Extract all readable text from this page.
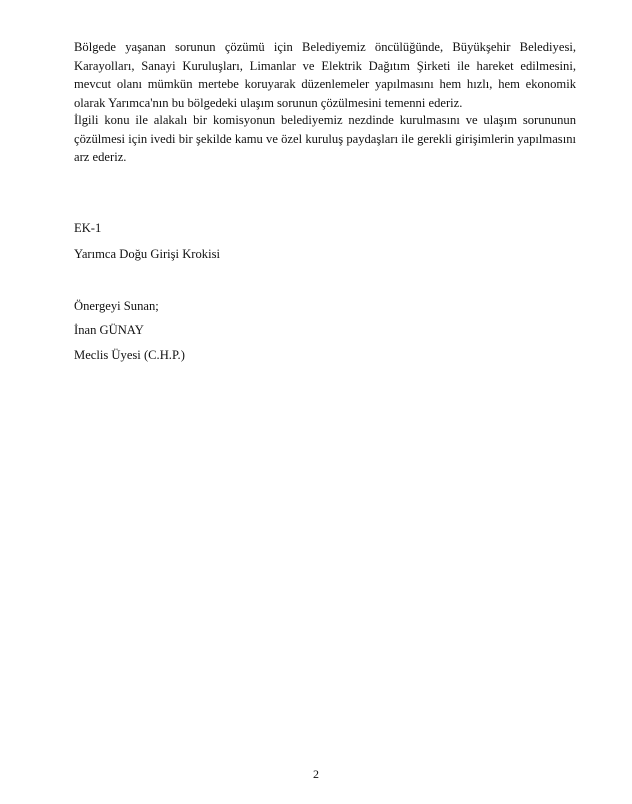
Bölgede yaşanan sorunun çözümü için Belediyemiz öncülüğünde, Büyükşehir Belediyesi, Karayolları, Sanayi Kuruluşları, Limanlar ve Elektrik Dağıtım Şirketi ile hareket edilmesini, mevcut olanı mümkün mertebe koruyarak düzenlemeler yapılmasını hem hızlı, hem ekonomik olarak Yarımca'nın bu bölgedeki ulaşım sorunun çözülmesini temenni ederiz.

İlgili konu ile alakalı bir komisyonun belediyemiz nezdinde kurulmasını ve ulaşım sorununun çözülmesi için ivedi bir şekilde kamu ve özel kuruluş paydaşları ile gerekli girişimlerin yapılmasını arz ederiz.

EK-1

Yarımca Doğu Girişi Krokisi

Önergeyi Sunan;

İnan GÜNAY

Meclis Üyesi (C.H.P.)

2
